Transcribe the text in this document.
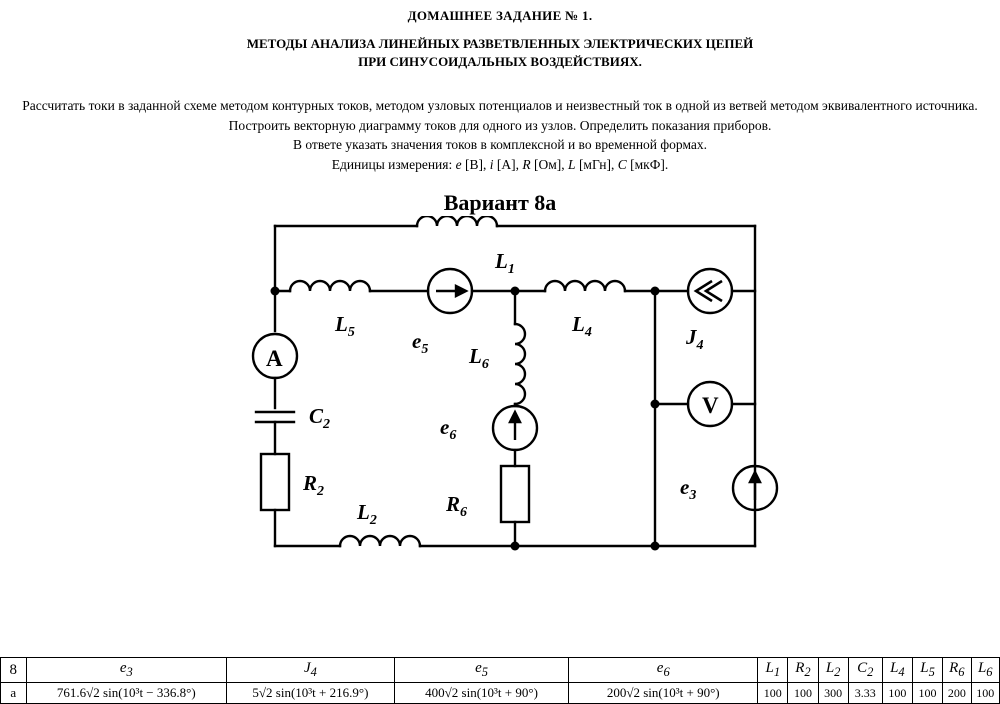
ДОМАШНЕЕ ЗАДАНИЕ № 1.
МЕТОДЫ АНАЛИЗА ЛИНЕЙНЫХ РАЗВЕТВЛЕННЫХ ЭЛЕКТРИЧЕСКИХ ЦЕПЕЙ
ПРИ СИНУСОИДАЛЬНЫХ ВОЗДЕЙСТВИЯХ.
Рассчитать токи в заданной схеме методом контурных токов, методом узловых потенциалов и неизвестный ток в одной из ветвей методом эквивалентного источника. Построить векторную диаграмму токов для одного из узлов. Определить показания приборов.
В ответе указать значения токов в комплексной и во временной формах.
Единицы измерения: e [В], i [А], R [Ом], L [мГн], C [мкФ].
Вариант 8а
$L_1$
$L_5$	$L_4$
$L_6$
$L_2$
$C_2$
$R_2$
$R_6$
$e_5$
$e_6$
$e_3$
$J_4$
A
V
8	$e_3$	$J_4$	$e_5$	$e_6$	$L_1$	$R_2$	$L_2$	$C_2$	$L_4$	$L_5$	$R_6$	$L_6$
a	761.6√2 sin(10³t − 336.8°)	5√2 sin(10³t + 216.9°)	400√2 sin(10³t + 90°)	200√2 sin(10³t + 90°)	100	100	300	3.33	100	100	200	100
